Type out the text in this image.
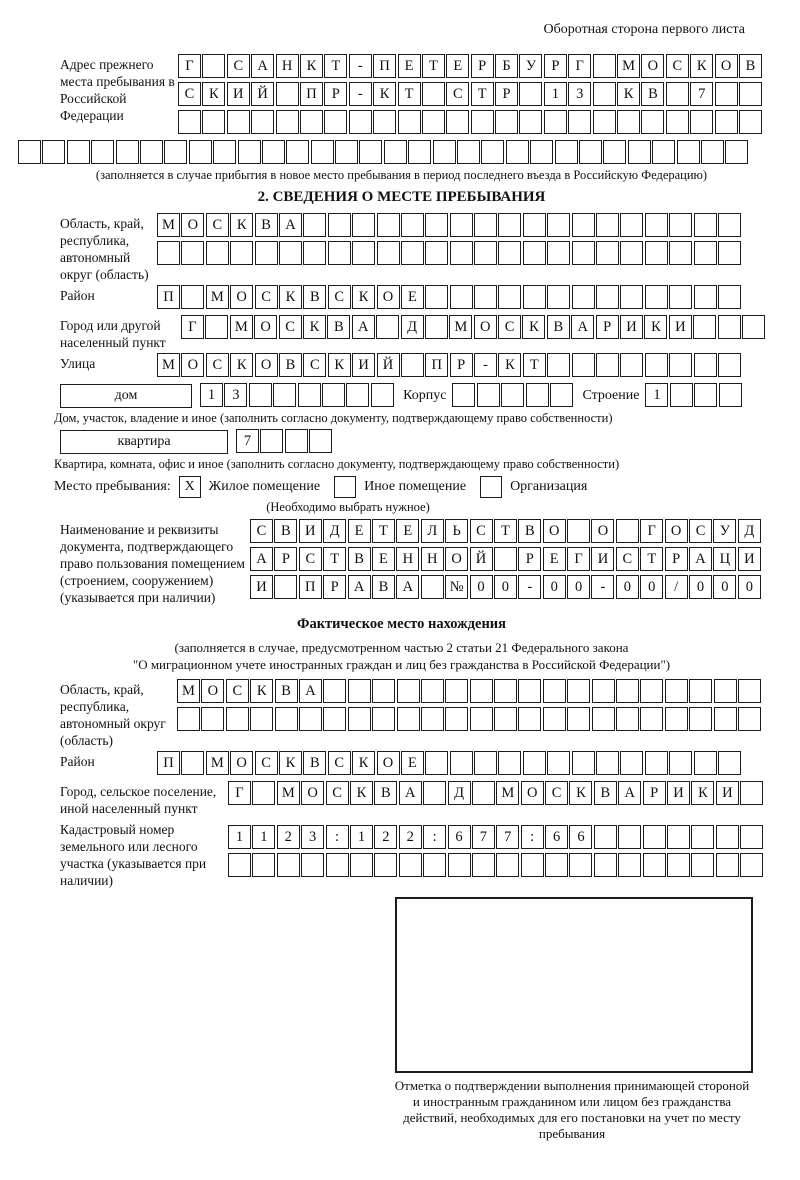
Оборотная сторона первого листа
Адрес прежнего места пребывания в Российской Федерации
Г	С А Н К	Т	-	П	Е	Т	Е	Р	Б	У	Р	Г	М О С	К О В
С	К И Й	П	Р	-	К	Т	С	Т	Р	1	3	К	В	7
(заполняется в случае прибытия в новое место пребывания в период последнего въезда в Российскую Федерацию)
2. СВЕДЕНИЯ О МЕСТЕ ПРЕБЫВАНИЯ
Область, край, республика, автономный округ (область)
М О С	К	В А
Район	П	М О С	К	В	С	К О	Е
Город или другой населенный пункт
Г	М О С	К	В А	Д	М О С	К	В А	Р	И К И
Улица	М О С	К О В	С	К И Й	П	Р	-	К	Т
дом	1	3	Корпус	Строение 1
Дом, участок, владение и иное (заполнить согласно документу, подтверждающему право собственности)
квартира	7
Квартира, комната, офис и иное (заполнить согласно документу, подтверждающему право собственности)
Место пребывания: X Жилое помещение	Иное помещение	Организация
(Необходимо выбрать нужное)
Наименование и реквизиты документа, подтверждающего право пользования помещением (строением, сооружением) (указывается при наличии)
С	В И Д	Е	Т	Е	Л	Ь	С	Т	В О	О	Г	О С У Д
А	Р	С	Т	В	Е	Н Н О Й	Р	Е	Г	И С	Т	Р	А Ц И
И	П	Р	А В А	№ 0	0	-	0	0	-	0	0	/	0	0	0
Фактическое место нахождения
(заполняется в случае, предусмотренном частью 2 статьи 21 Федерального закона
"О миграционном учете иностранных граждан и лиц без гражданства в Российской Федерации")
Область, край, республика, автономный округ (область)
М О С	К	В А
Район	П	М О С	К	В	С	К О	Е
Город, сельское поселение, иной населенный пункт
Г	М О С	К	В А	Д	М О С	К	В А	Р	И К И
Кадастровый номер земельного или лесного участка (указывается при наличии)
1	1	2	3	:	1	2	2	:	6	7	7	:	6	6
Отметка о подтверждении выполнения принимающей стороной и иностранным гражданином или лицом без гражданства действий, необходимых для его постановки на учет по месту пребывания
